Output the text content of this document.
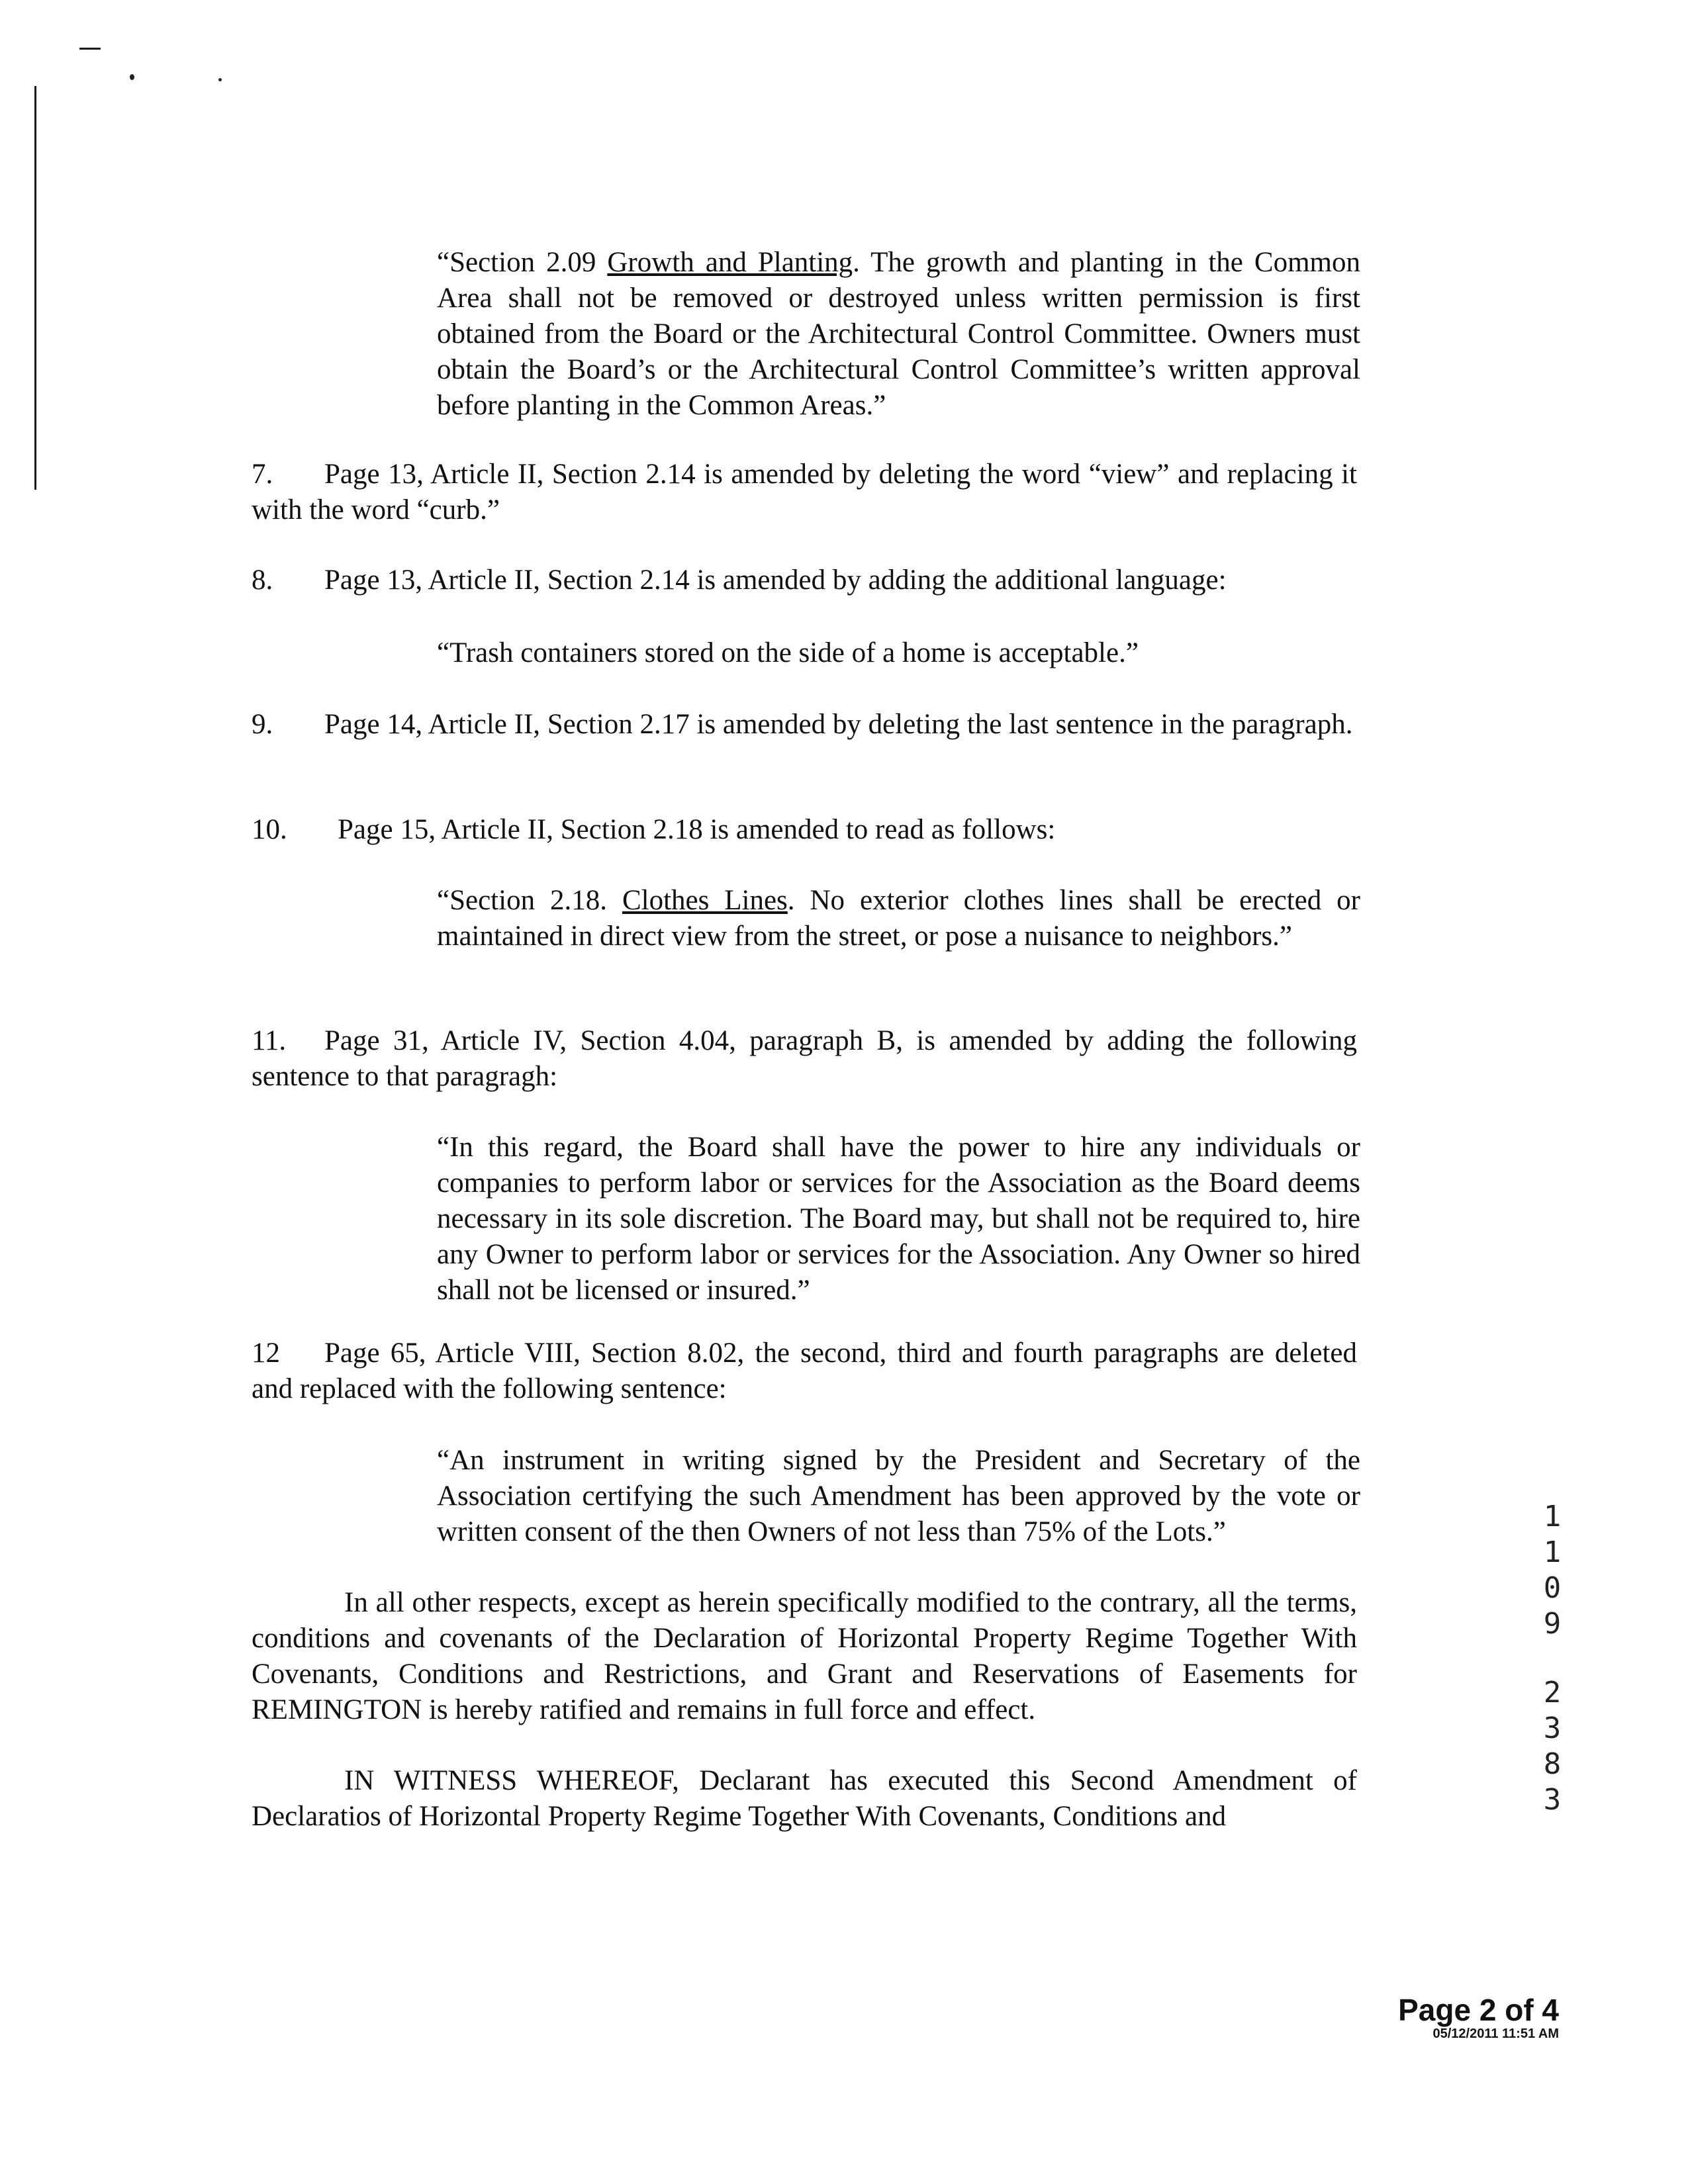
“Section 2.09 Growth and Planting. The growth and planting in the Common Area shall not be removed or destroyed unless written permission is first obtained from the Board or the Architectural Control Committee. Owners must obtain the Board’s or the Architectural Control Committee’s written approval before planting in the Common Areas.”

7. Page 13, Article II, Section 2.14 is amended by deleting the word “view” and replacing it with the word “curb.”

8. Page 13, Article II, Section 2.14 is amended by adding the additional language:

“Trash containers stored on the side of a home is acceptable.”

9. Page 14, Article II, Section 2.17 is amended by deleting the last sentence in the paragraph.

10. Page 15, Article II, Section 2.18 is amended to read as follows:

“Section 2.18. Clothes Lines. No exterior clothes lines shall be erected or maintained in direct view from the street, or pose a nuisance to neighbors.”

11. Page 31, Article IV, Section 4.04, paragraph B, is amended by adding the following sentence to that paragragh:

“In this regard, the Board shall have the power to hire any individuals or companies to perform labor or services for the Association as the Board deems necessary in its sole discretion. The Board may, but shall not be required to, hire any Owner to perform labor or services for the Association. Any Owner so hired shall not be licensed or insured.”

12 Page 65, Article VIII, Section 8.02, the second, third and fourth paragraphs are deleted and replaced with the following sentence:

“An instrument in writing signed by the President and Secretary of the Association certifying the such Amendment has been approved by the vote or written consent of the then Owners of not less than 75% of the Lots.”

In all other respects, except as herein specifically modified to the contrary, all the terms, conditions and covenants of the Declaration of Horizontal Property Regime Together With Covenants, Conditions and Restrictions, and Grant and Reservations of Easements for REMINGTON is hereby ratified and remains in full force and effect.

IN WITNESS WHEREOF, Declarant has executed this Second Amendment of Declaratios of Horizontal Property Regime Together With Covenants, Conditions and

1
1
0
9
2
3
8
3
Page 2 of 4
05/12/2011 11:51 AM
